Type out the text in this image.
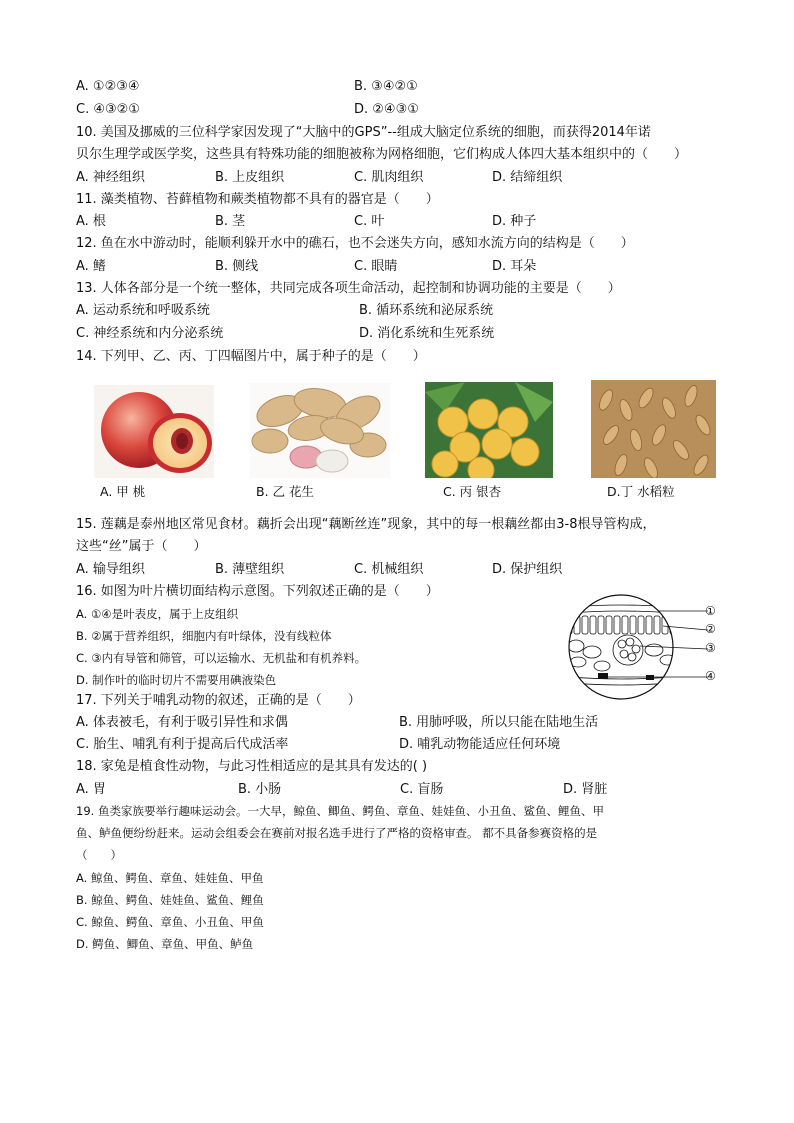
A. ①②③④	B. ③④②①
C. ④③②①	D. ②④③①
10. 美国及挪威的三位科学家因发现了“大脑中的GPS”--组成大脑定位系统的细胞，而获得2014年诺
贝尔生理学或医学奖，这些具有特殊功能的细胞被称为网格细胞，它们构成人体四大基本组织中的（　　）
A. 神经组织	B. 上皮组织	C. 肌肉组织	D. 结缔组织
11. 藻类植物、苔藓植物和蕨类植物都不具有的器官是（　　）
A. 根	B. 茎	C. 叶	D. 种子
12. 鱼在水中游动时，能顺利躲开水中的礁石，也不会迷失方向，感知水流方向的结构是（　　）
A. 鳍	B. 侧线	C. 眼睛	D. 耳朵
13. 人体各部分是一个统一整体，共同完成各项生命活动，起控制和协调功能的主要是（　　）
A. 运动系统和呼吸系统	B. 循环系统和泌尿系统
C. 神经系统和内分泌系统	D. 消化系统和生死系统
14. 下列甲、乙、丙、丁四幅图片中，属于种子的是（　　）
A. 甲 桃	B. 乙 花生	C. 丙 银杏	D.丁 水稻粒
15. 莲藕是泰州地区常见食材。藕折会出现“藕断丝连”现象，其中的每一根藕丝都由3-8根导管构成，
这些“丝”属于（　　）
A. 输导组织	B. 薄壁组织	C. 机械组织	D. 保护组织
16. 如图为叶片横切面结构示意图。下列叙述正确的是（　　）
A. ①④是叶表皮，属于上皮组织
B. ②属于营养组织，细胞内有叶绿体，没有线粒体
C. ③内有导管和筛管，可以运输水、无机盐和有机养料。
D. 制作叶的临时切片不需要用碘液染色
①
②
③
④
17. 下列关于哺乳动物的叙述，正确的是（　　）
A. 体表被毛，有利于吸引异性和求偶	B. 用肺呼吸，所以只能在陆地生活
C. 胎生、哺乳有利于提高后代成活率	D. 哺乳动物能适应任何环境
18. 家兔是植食性动物，与此习性相适应的是其具有发达的( )
A. 胃	B. 小肠	C. 盲肠	D. 肾脏
19. 鱼类家族要举行趣味运动会。一大早，鲸鱼、鲫鱼、鳄鱼、章鱼、娃娃鱼、小丑鱼、鲨鱼、鲤鱼、甲
鱼、鲈鱼便纷纷赶来。运动会组委会在赛前对报名选手进行了严格的资格审查。 都不具备参赛资格的是
（　　）
A. 鲸鱼、鳄鱼、章鱼、娃娃鱼、甲鱼
B. 鲸鱼、鳄鱼、娃娃鱼、鲨鱼、鲤鱼
C. 鲸鱼、鳄鱼、章鱼、小丑鱼、甲鱼
D. 鳄鱼、鲫鱼、章鱼、甲鱼、鲈鱼
